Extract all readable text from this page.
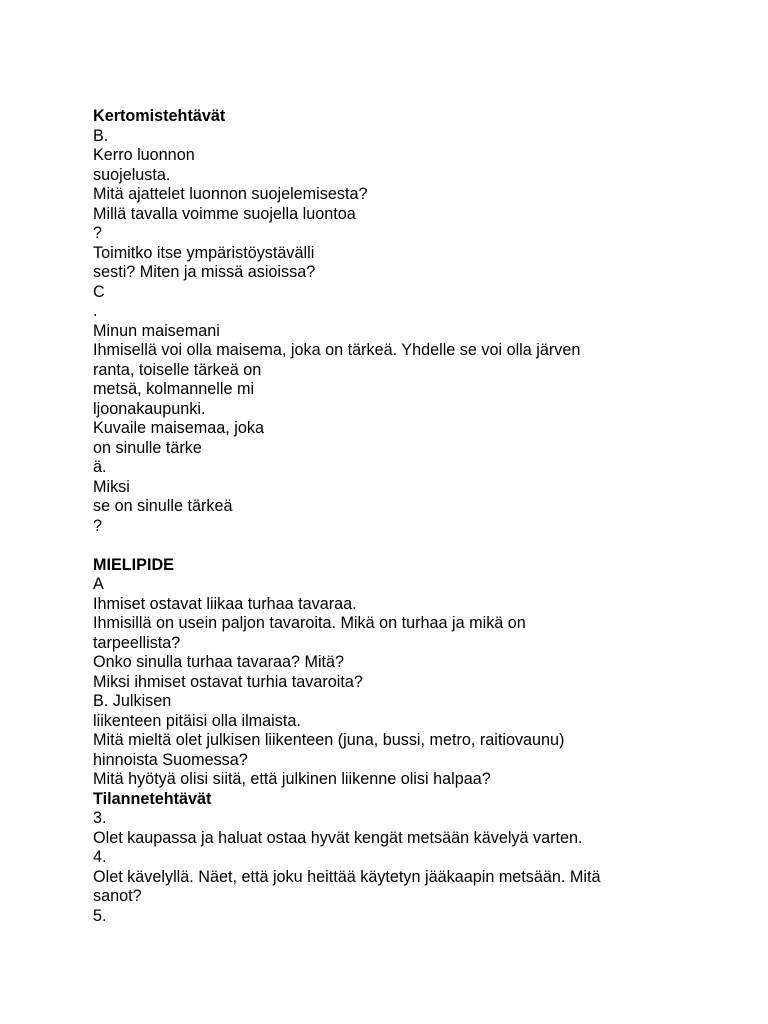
Kertomistehtävät
B.
Kerro luonnon
suojelusta.
Mitä ajattelet luonnon suojelemisesta?
Millä tavalla voimme suojella luontoa
?
Toimitko itse ympäristöystävälli
sesti? Miten ja missä asioissa?
C
.
Minun maisemani
Ihmisellä voi olla maisema, joka on tärkeä. Yhdelle se voi olla järven
ranta, toiselle tärkeä on
metsä, kolmannelle mi
ljoonakaupunki.
Kuvaile maisemaa, joka
on sinulle tärke
ä.
Miksi
se on sinulle tärkeä
?
MIELIPIDE
A
Ihmiset ostavat liikaa turhaa tavaraa.
Ihmisillä on usein paljon tavaroita. Mikä on turhaa ja mikä on
tarpeellista?
Onko sinulla turhaa tavaraa? Mitä?
Miksi ihmiset ostavat turhia tavaroita?
B. Julkisen
liikenteen pitäisi olla ilmaista.
Mitä mieltä olet julkisen liikenteen (juna, bussi, metro, raitiovaunu)
hinnoista Suomessa?
Mitä hyötyä olisi siitä, että julkinen liikenne olisi halpaa?
Tilannetehtävät
3.
Olet kaupassa ja haluat ostaa hyvät kengät metsään kävelyä varten.
4.
Olet kävelyllä. Näet, että joku heittää käytetyn jääkaapin metsään. Mitä
sanot?
5.
